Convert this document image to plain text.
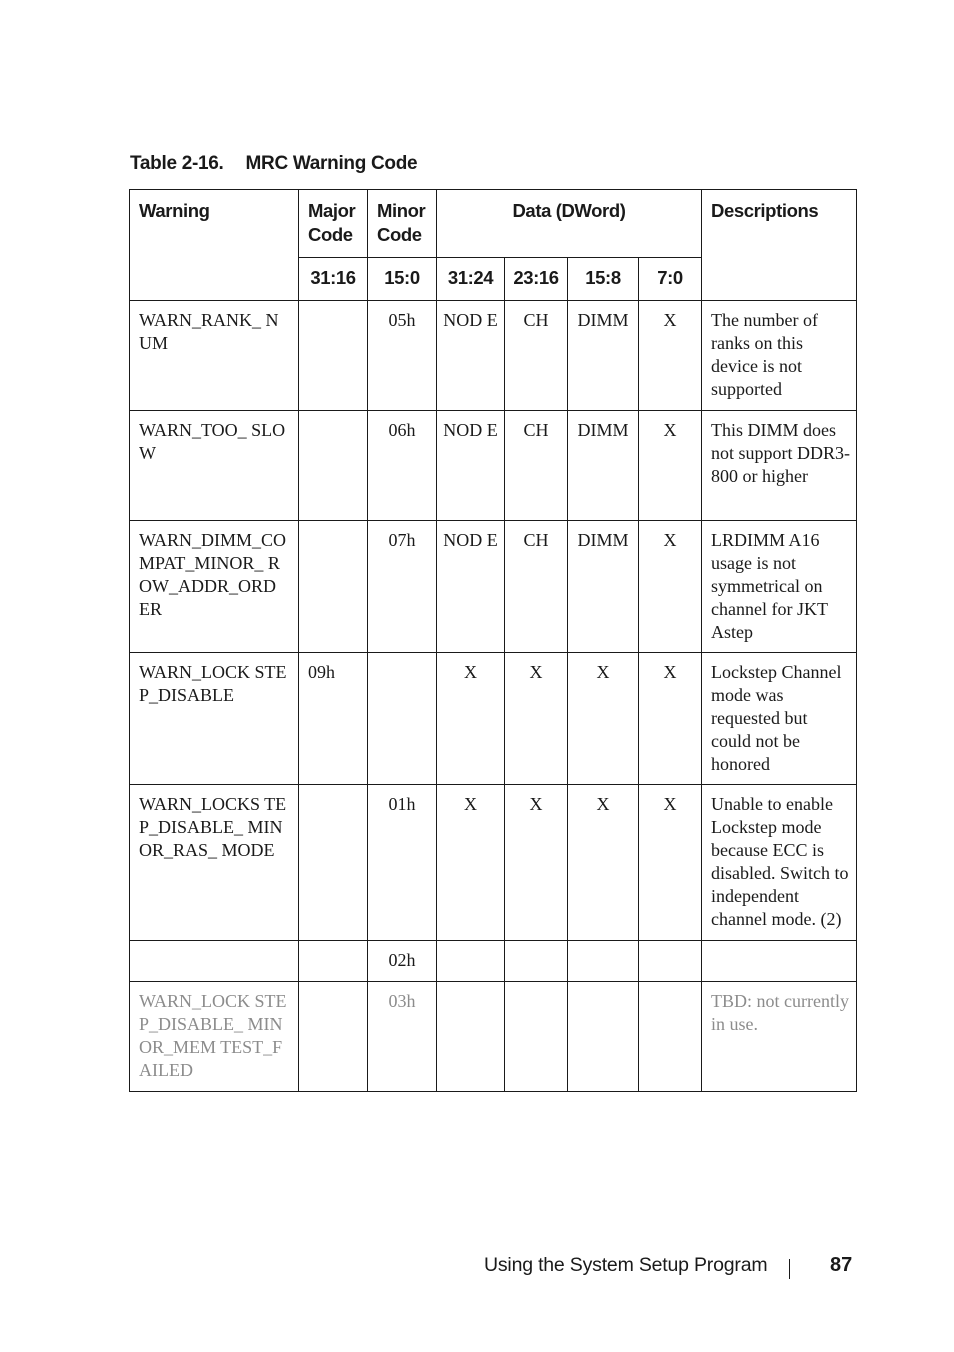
Table 2-16. MRC Warning Code
Warning	Major Code	Minor Code	Data (DWord)				Descriptions
	31:16	15:0	31:24	23:16	15:8	7:0	
WARN_RANK_ NUM		05h	NOD E	CH	DIMM	X	The number of ranks on this device is not supported
WARN_TOO_ SLOW		06h	NOD E	CH	DIMM	X	This DIMM does not support DDR3-800 or higher
WARN_DIMM_CO MPAT_MINOR_ ROW_ADDR_ORD ER		07h	NOD E	CH	DIMM	X	LRDIMM A16 usage is not symmetrical on channel for JKT Astep
WARN_LOCK STEP_DISABLE	09h		X	X	X	X	Lockstep Channel mode was requested but could not be honored
WARN_LOCKS TEP_DISABLE_ MINOR_RAS_ MODE		01h	X	X	X	X	Unable to enable Lockstep mode because ECC is disabled. Switch to independent channel mode. (2)
		02h					
WARN_LOCK STEP_DISABLE_ MINOR_MEM TEST_FAILED		03h					TBD: not currently in use.
Using the System Setup Program	87
